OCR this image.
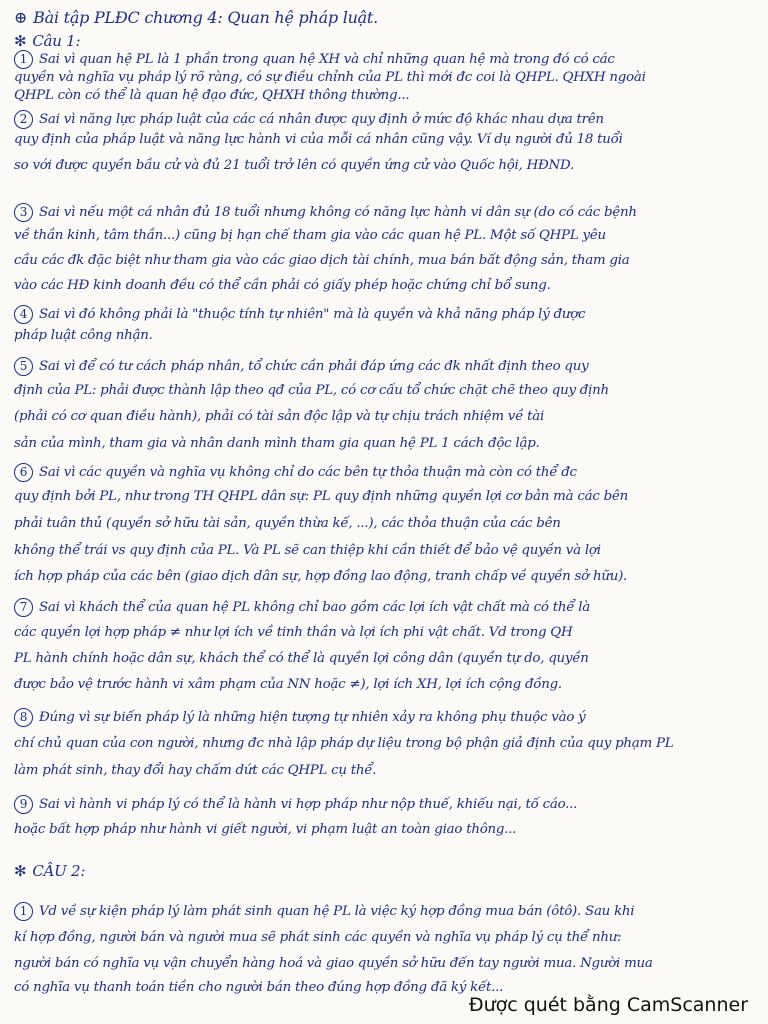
⊕ Bài tập PLĐC chương 4: Quan hệ pháp luật.
✻ Câu 1:
1 Sai vì quan hệ PL là 1 phần trong quan hệ XH và chỉ những quan hệ mà trong đó có các
quyền và nghĩa vụ pháp lý rõ ràng, có sự điều chỉnh của PL thì mới đc coi là QHPL. QHXH ngoài
QHPL còn có thể là quan hệ đạo đức, QHXH thông thường...
2 Sai vì năng lực pháp luật của các cá nhân được quy định ở mức độ khác nhau dựa trên
quy định của pháp luật và năng lực hành vi của mỗi cá nhân cũng vậy. Ví dụ người đủ 18 tuổi
so với được quyền bầu cử và đủ 21 tuổi trở lên có quyền ứng cử vào Quốc hội, HĐND.
3 Sai vì nếu một cá nhân đủ 18 tuổi nhưng không có năng lực hành vi dân sự (do có các bệnh
về thần kinh, tâm thần...) cũng bị hạn chế tham gia vào các quan hệ PL. Một số QHPL yêu
cầu các đk đặc biệt như tham gia vào các giao dịch tài chính, mua bán bất động sản, tham gia
vào các HĐ kinh doanh đều có thể cần phải có giấy phép hoặc chứng chỉ bổ sung.
4 Sai vì đó không phải là "thuộc tính tự nhiên" mà là quyền và khả năng pháp lý được
pháp luật công nhận.
5 Sai vì để có tư cách pháp nhân, tổ chức cần phải đáp ứng các đk nhất định theo quy
định của PL: phải được thành lập theo qđ của PL, có cơ cấu tổ chức chặt chẽ theo quy định
(phải có cơ quan điều hành), phải có tài sản độc lập và tự chịu trách nhiệm về tài
sản của mình, tham gia và nhân danh mình tham gia quan hệ PL 1 cách độc lập.
6 Sai vì các quyền và nghĩa vụ không chỉ do các bên tự thỏa thuận mà còn có thể đc
quy định bởi PL, như trong TH QHPL dân sự: PL quy định những quyền lợi cơ bản mà các bên
phải tuân thủ (quyền sở hữu tài sản, quyền thừa kế, ...), các thỏa thuận của các bên
không thể trái vs quy định của PL. Và PL sẽ can thiệp khi cần thiết để bảo vệ quyền và lợi
ích hợp pháp của các bên (giao dịch dân sự, hợp đồng lao động, tranh chấp về quyền sở hữu).
7 Sai vì khách thể của quan hệ PL không chỉ bao gồm các lợi ích vật chất mà có thể là
các quyền lợi hợp pháp ≠ như lợi ích về tinh thần và lợi ích phi vật chất. Vd trong QH
PL hành chính hoặc dân sự, khách thể có thể là quyền lợi công dân (quyền tự do, quyền
được bảo vệ trước hành vi xâm phạm của NN hoặc ≠), lợi ích XH, lợi ích cộng đồng.
8 Đúng vì sự biến pháp lý là những hiện tượng tự nhiên xảy ra không phụ thuộc vào ý
chí chủ quan của con người, nhưng đc nhà lập pháp dự liệu trong bộ phận giả định của quy phạm PL
làm phát sinh, thay đổi hay chấm dứt các QHPL cụ thể.
9 Sai vì hành vi pháp lý có thể là hành vi hợp pháp như nộp thuế, khiếu nại, tố cáo...
hoặc bất hợp pháp như hành vi giết người, vi phạm luật an toàn giao thông...
✻ CÂU 2:
1 Vd về sự kiện pháp lý làm phát sinh quan hệ PL là việc ký hợp đồng mua bán (ôtô). Sau khi
kí hợp đồng, người bán và người mua sẽ phát sinh các quyền và nghĩa vụ pháp lý cụ thể như:
người bán có nghĩa vụ vận chuyển hàng hoá và giao quyền sở hữu đến tay người mua. Người mua
có nghĩa vụ thanh toán tiền cho người bán theo đúng hợp đồng đã ký kết...
Được quét bằng CamScanner
